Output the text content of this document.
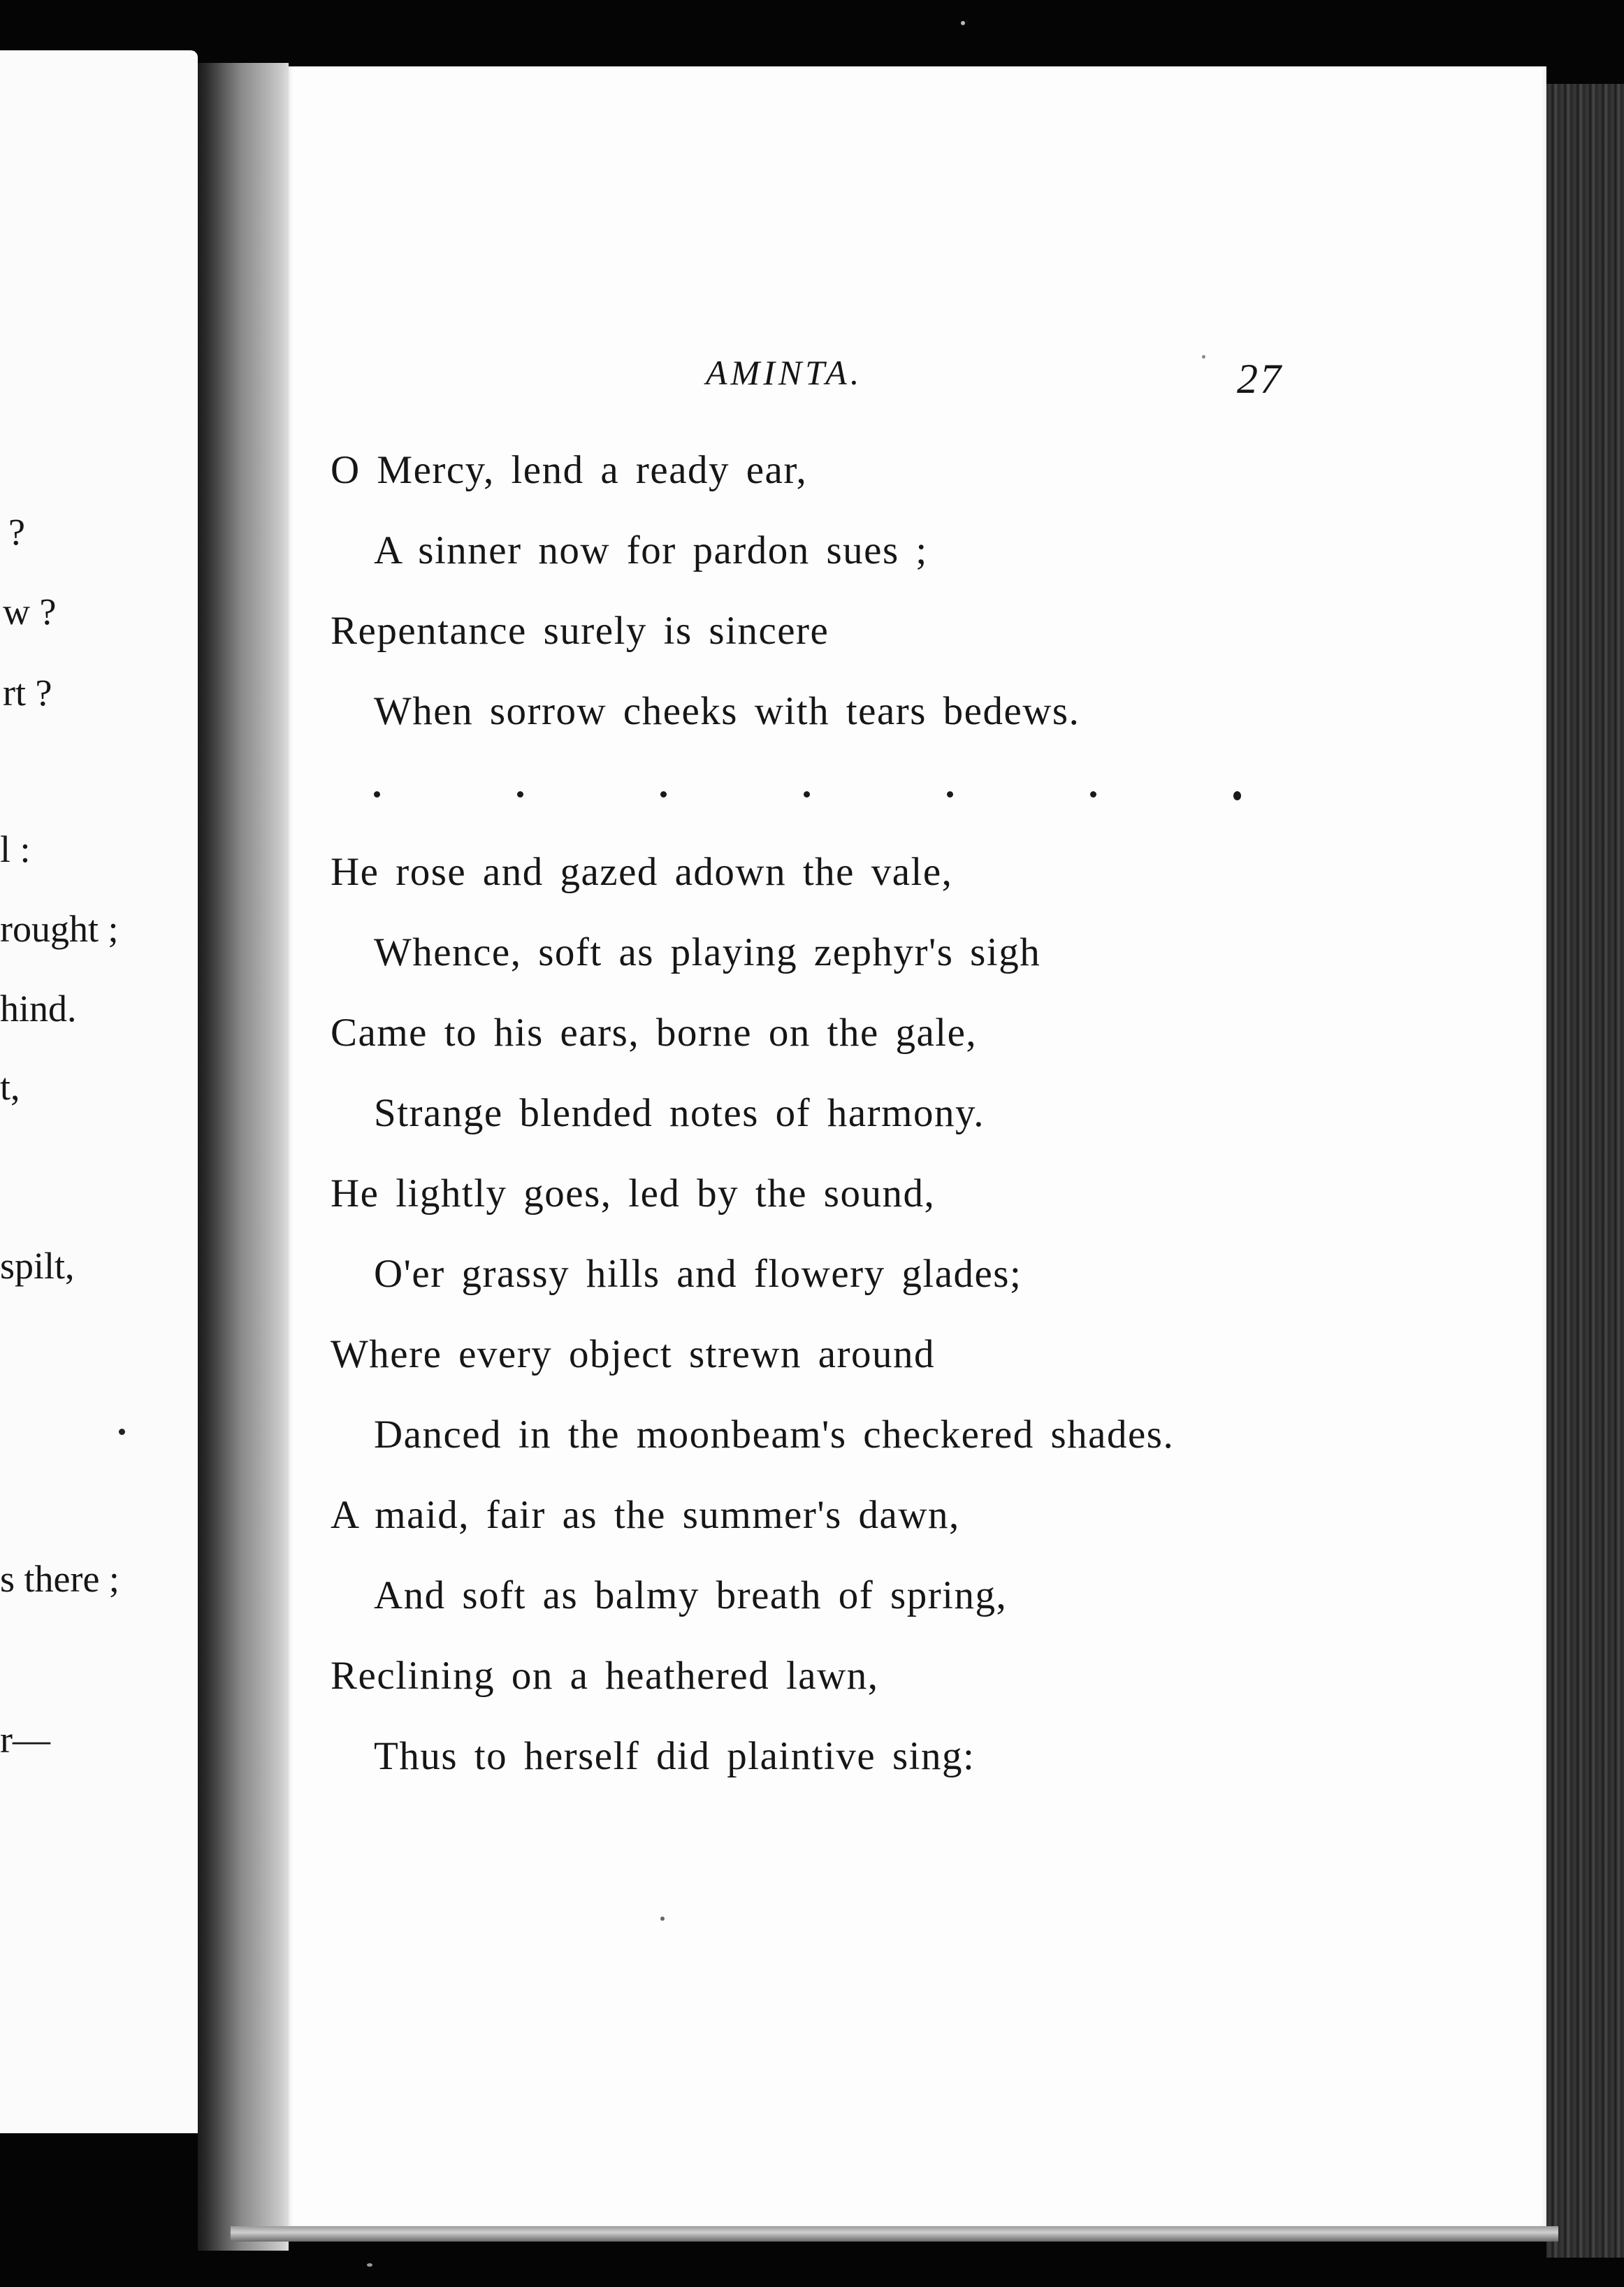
?
w ?
rt ?
l :
rought ;
hind.
t,
spilt,
s there ;
r—
AMINTA.	27
O Mercy, lend a ready ear,
A sinner now for pardon sues ;
Repentance surely is sincere
When sorrow cheeks with tears bedews.
He rose and gazed adown the vale,
Whence, soft as playing zephyr's sigh
Came to his ears, borne on the gale,
Strange blended notes of harmony.
He lightly goes, led by the sound,
O'er grassy hills and flowery glades;
Where every object strewn around
Danced in the moonbeam's checkered shades.
A maid, fair as the summer's dawn,
And soft as balmy breath of spring,
Reclining on a heathered lawn,
Thus to herself did plaintive sing:
